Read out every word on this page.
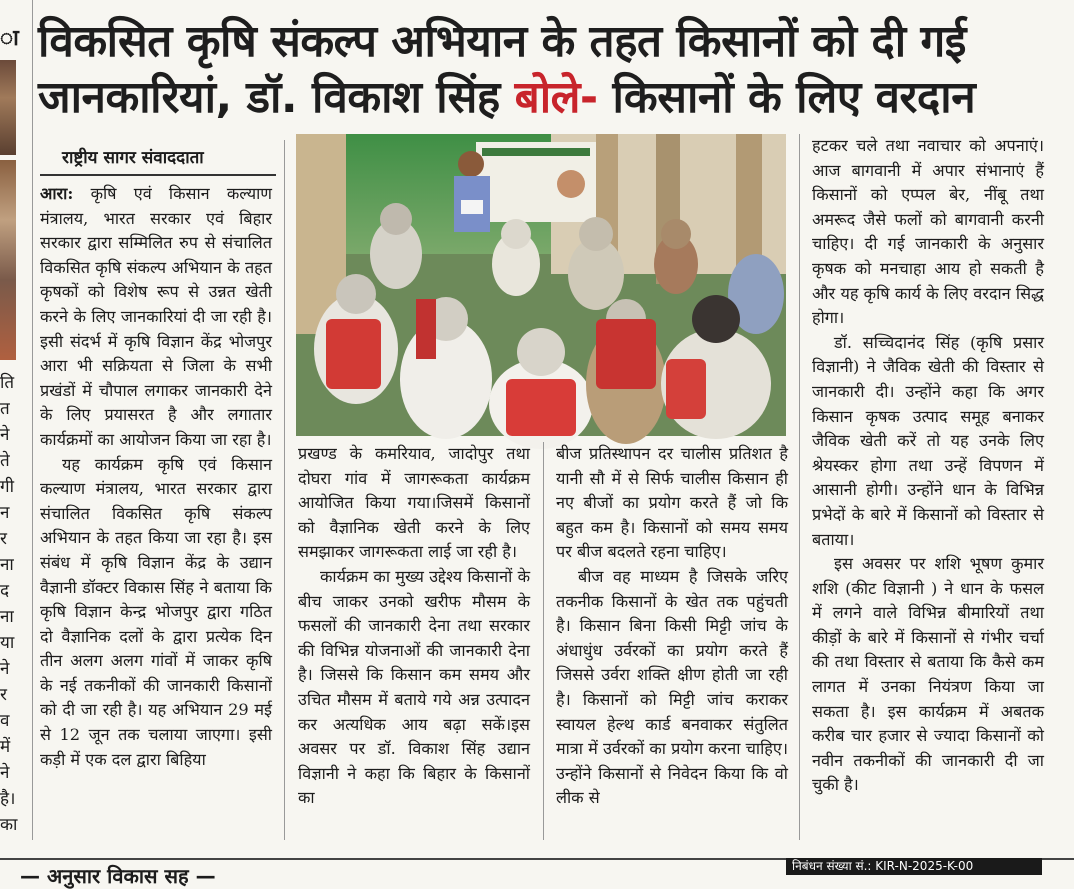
ा
ति
त
ने
ते
गी
न
र
ना
द
ना
या
ने
र
व
में
ने
है।
का
विकसित कृषि संकल्प अभियान के तहत किसानों को दी गई
जानकारियां, डॉ. विकाश सिंह बोले- किसानों के लिए वरदान
राष्ट्रीय सागर संवाददाता

आरा: कृषि एवं किसान कल्याण मंत्रालय, भारत सरकार एवं बिहार सरकार द्वारा सम्मिलित रुप से संचालित विकसित कृषि संकल्प अभियान के तहत कृषकों को विशेष रूप से उन्नत खेती करने के लिए जानकारियां दी जा रही है। इसी संदर्भ में कृषि विज्ञान केंद्र भोजपुर आरा भी सक्रियता से जिला के सभी प्रखंडों में चौपाल लगाकर जानकारी देने के लिए प्रयासरत है और लगातार कार्यक्रमों का आयोजन किया जा रहा है।

यह कार्यक्रम कृषि एवं किसान कल्याण मंत्रालय, भारत सरकार द्वारा संचालित विकसित कृषि संकल्प अभियान के तहत किया जा रहा है। इस संबंध में कृषि विज्ञान केंद्र के उद्यान वैज्ञानी डॉक्टर विकास सिंह ने बताया कि कृषि विज्ञान केन्द्र भोजपुर द्वारा गठित दो वैज्ञानिक दलों के द्वारा प्रत्येक दिन तीन अलग अलग गांवों में जाकर कृषि के नई तकनीकों की जानकारी किसानों को दी जा रही है। यह अभियान 29 मई से 12 जून तक चलाया जाएगा। इसी कड़ी में एक दल द्वारा बिहिया

प्रखण्ड के कमरियाव, जादोपुर तथा दोघरा गांव में जागरूकता कार्यक्रम आयोजित किया गया।जिसमें किसानों को वैज्ञानिक खेती करने के लिए समझाकर जागरूकता लाई जा रही है।

कार्यक्रम का मुख्य उद्देश्य किसानों के बीच जाकर उनको खरीफ मौसम के फसलों की जानकारी देना तथा सरकार की विभिन्न योजनाओं की जानकारी देना है। जिससे कि किसान कम समय और उचित मौसम में बताये गये अन्न उत्पादन कर अत्यधिक आय बढ़ा सकें।इस अवसर पर डॉ. विकाश सिंह उद्यान विज्ञानी ने कहा कि बिहार के किसानों का

बीज प्रतिस्थापन दर चालीस प्रतिशत है यानी सौ में से सिर्फ चालीस किसान ही नए बीजों का प्रयोग करते हैं जो कि बहुत कम है। किसानों को समय समय पर बीज बदलते रहना चाहिए।

बीज वह माध्यम है जिसके जरिए तकनीक किसानों के खेत तक पहुंचती है। किसान बिना किसी मिट्टी जांच के अंधाधुंध उर्वरकों का प्रयोग करते हैं जिससे उर्वरा शक्ति क्षीण होती जा रही है। किसानों को मिट्टी जांच कराकर स्वायल हेल्थ कार्ड बनवाकर संतुलित मात्रा में उर्वरकों का प्रयोग करना चाहिए। उन्होंने किसानों से निवेदन किया कि वो लीक से

हटकर चले तथा नवाचार को अपनाएं। आज बागवानी में अपार संभानाएं हैं किसानों को एप्पल बेर, नींबू तथा अमरूद जैसे फलों को बागवानी करनी चाहिए। दी गई जानकारी के अनुसार कृषक को मनचाहा आय हो सकती है और यह कृषि कार्य के लिए वरदान सिद्ध होगा।

डॉ. सच्चिदानंद सिंह (कृषि प्रसार विज्ञानी) ने जैविक खेती की विस्तार से जानकारी दी। उन्होंने कहा कि अगर किसान कृषक उत्पाद समूह बनाकर जैविक खेती करें तो यह उनके लिए श्रेयस्कर होगा तथा उन्हें विपणन में आसानी होगी। उन्होंने धान के विभिन्न प्रभेदों के बारे में किसानों को विस्तार से बताया।

इस अवसर पर शशि भूषण कुमार शशि (कीट विज्ञानी ) ने धान के फसल में लगने वाले विभिन्न बीमारियों तथा कीड़ों के बारे में किसानों से गंभीर चर्चा की तथा विस्तार से बताया कि कैसे कम लागत में उनका नियंत्रण किया जा सकता है। इस कार्यक्रम में अबतक करीब चार हजार से ज्यादा किसानों को नवीन तकनीकों की जानकारी दी जा चुकी है।

— अनुसार विकास सह —	निबंधन संख्या सं.: KIR-N-2025-K-00
